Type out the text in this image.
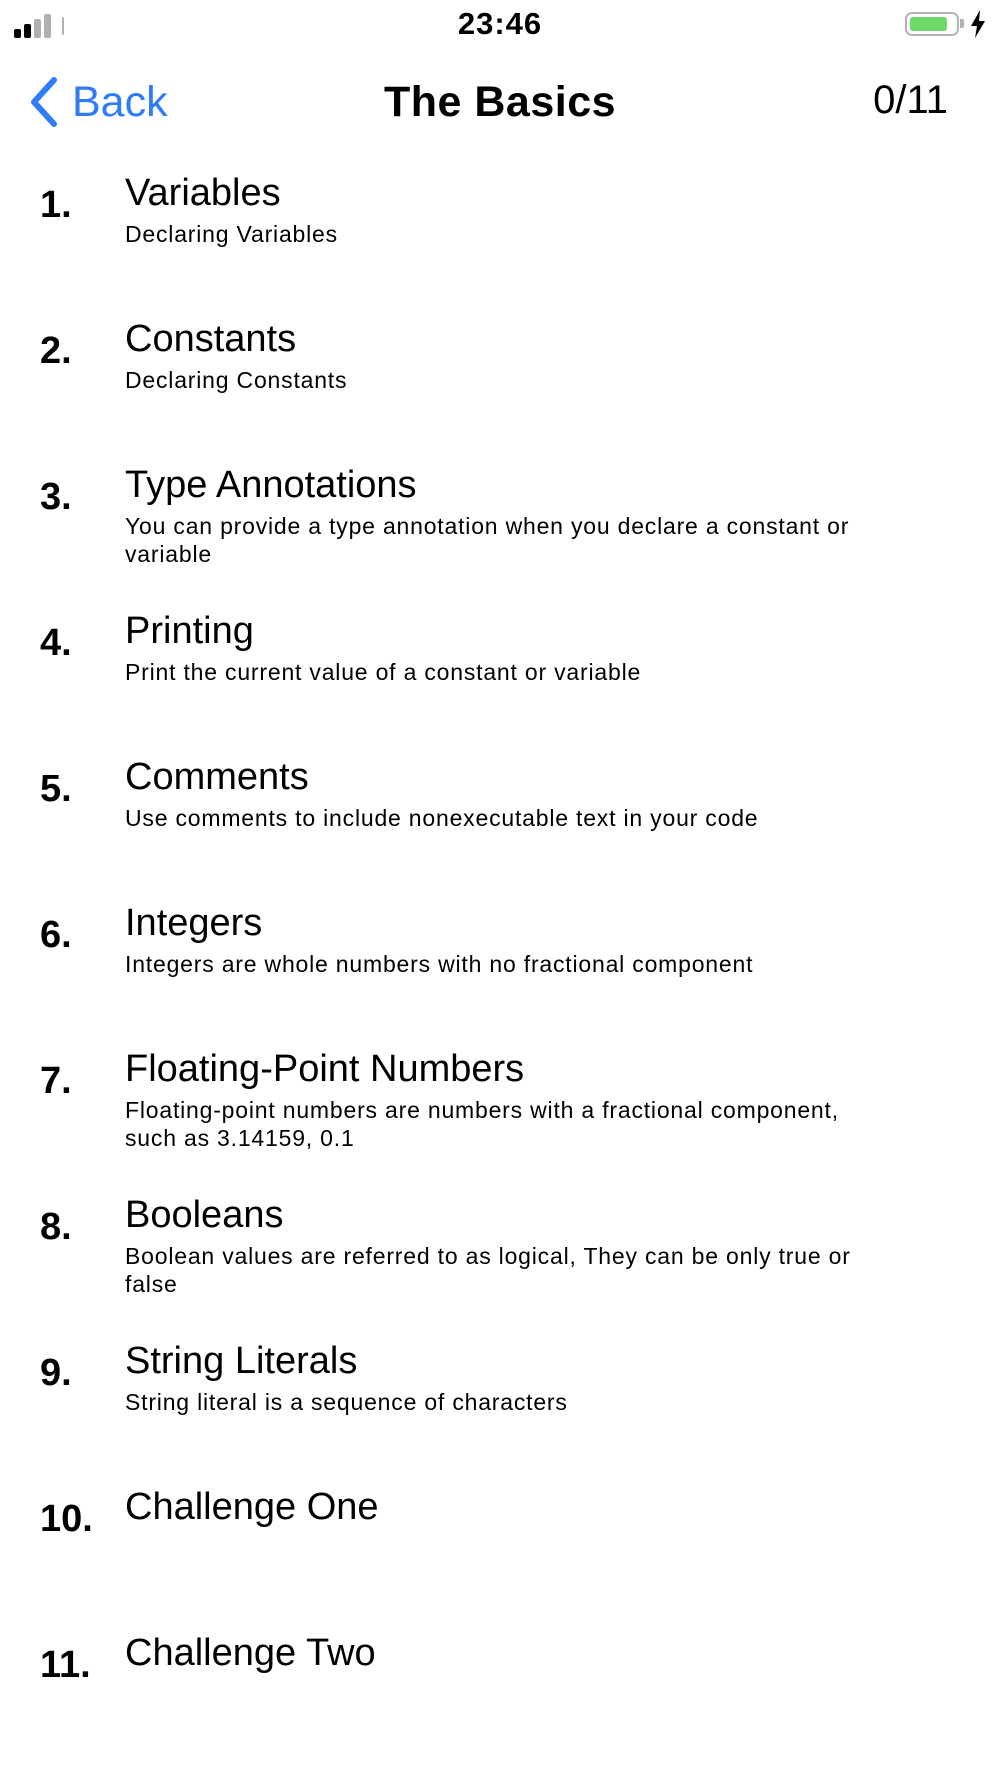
23:46
Back	The Basics	0/11
1. Variables
Declaring Variables
2. Constants
Declaring Constants
3. Type Annotations
You can provide a type annotation when you declare a constant or variable
4. Printing
Print the current value of a constant or variable
5. Comments
Use comments to include nonexecutable text in your code
6. Integers
Integers are whole numbers with no fractional component
7. Floating-Point Numbers
Floating-point numbers are numbers with a fractional component, such as 3.14159, 0.1
8. Booleans
Boolean values are referred to as logical, They can be only true or false
9. String Literals
String literal is a sequence of characters
10. Challenge One
11. Challenge Two
